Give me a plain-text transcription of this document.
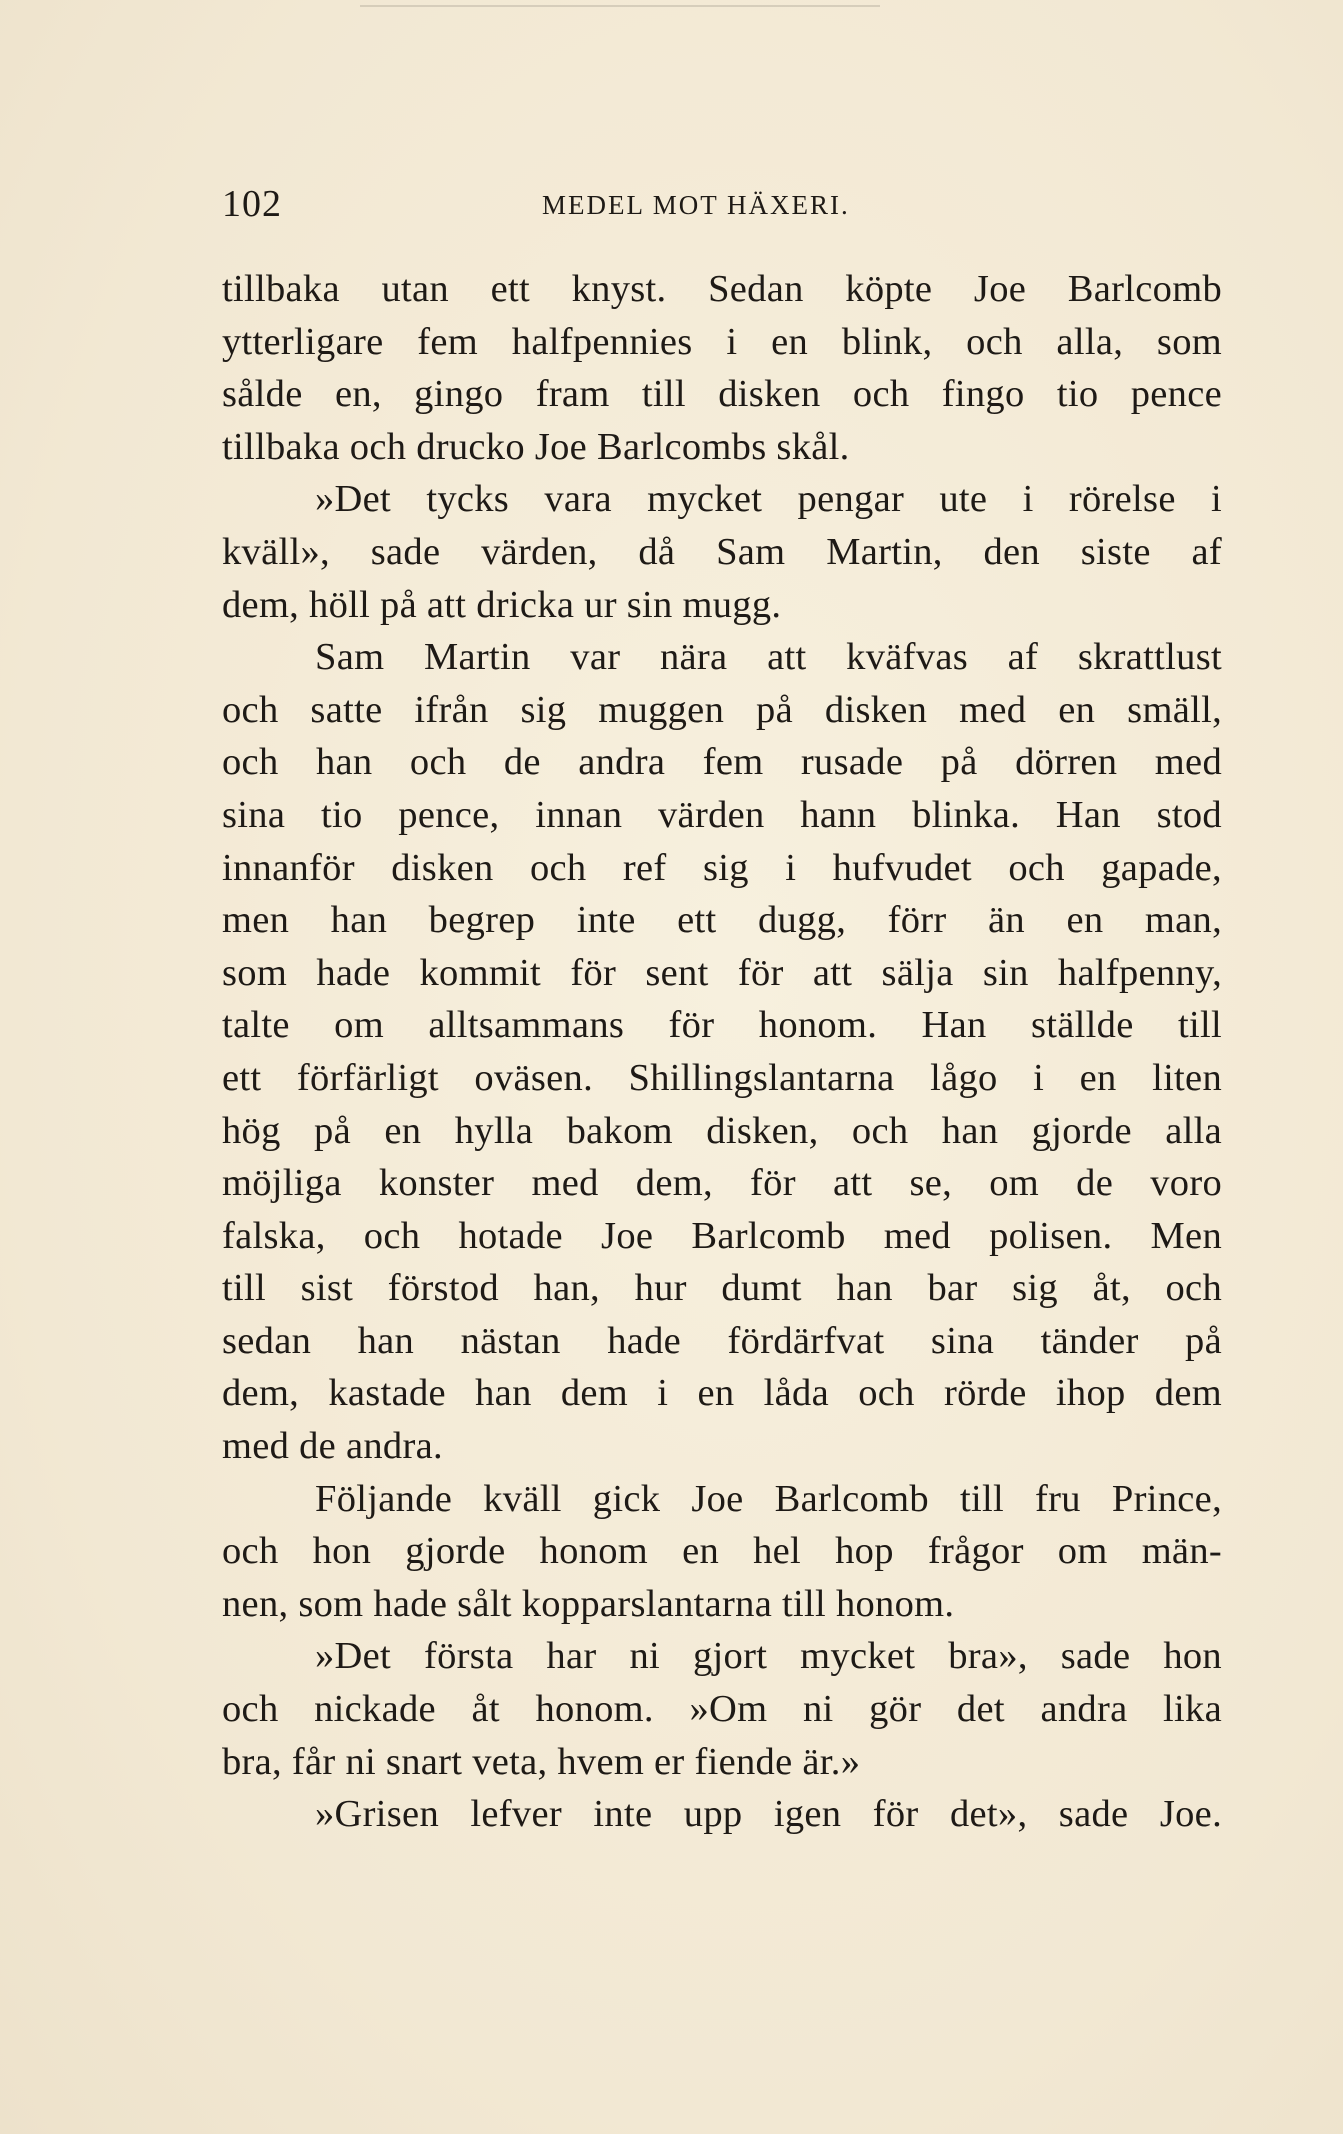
102	MEDEL MOT HÄXERI.
tillbaka utan ett knyst. Sedan köpte Joe Barlcomb
ytterligare fem halfpennies i en blink, och alla, som
sålde en, gingo fram till disken och fingo tio pence
tillbaka och drucko Joe Barlcombs skål.
»Det tycks vara mycket pengar ute i rörelse i
kväll», sade värden, då Sam Martin, den siste af
dem, höll på att dricka ur sin mugg.
Sam Martin var nära att kväfvas af skrattlust
och satte ifrån sig muggen på disken med en smäll,
och han och de andra fem rusade på dörren med
sina tio pence, innan värden hann blinka. Han stod
innanför disken och ref sig i hufvudet och gapade,
men han begrep inte ett dugg, förr än en man,
som hade kommit för sent för att sälja sin halfpenny,
talte om alltsammans för honom. Han ställde till
ett förfärligt oväsen. Shillingslantarna lågo i en liten
hög på en hylla bakom disken, och han gjorde alla
möjliga konster med dem, för att se, om de voro
falska, och hotade Joe Barlcomb med polisen. Men
till sist förstod han, hur dumt han bar sig åt, och
sedan han nästan hade fördärfvat sina tänder på
dem, kastade han dem i en låda och rörde ihop dem
med de andra.
Följande kväll gick Joe Barlcomb till fru Prince,
och hon gjorde honom en hel hop frågor om män-
nen, som hade sålt kopparslantarna till honom.
»Det första har ni gjort mycket bra», sade hon
och nickade åt honom. »Om ni gör det andra lika
bra, får ni snart veta, hvem er fiende är.»
»Grisen lefver inte upp igen för det», sade Joe.
